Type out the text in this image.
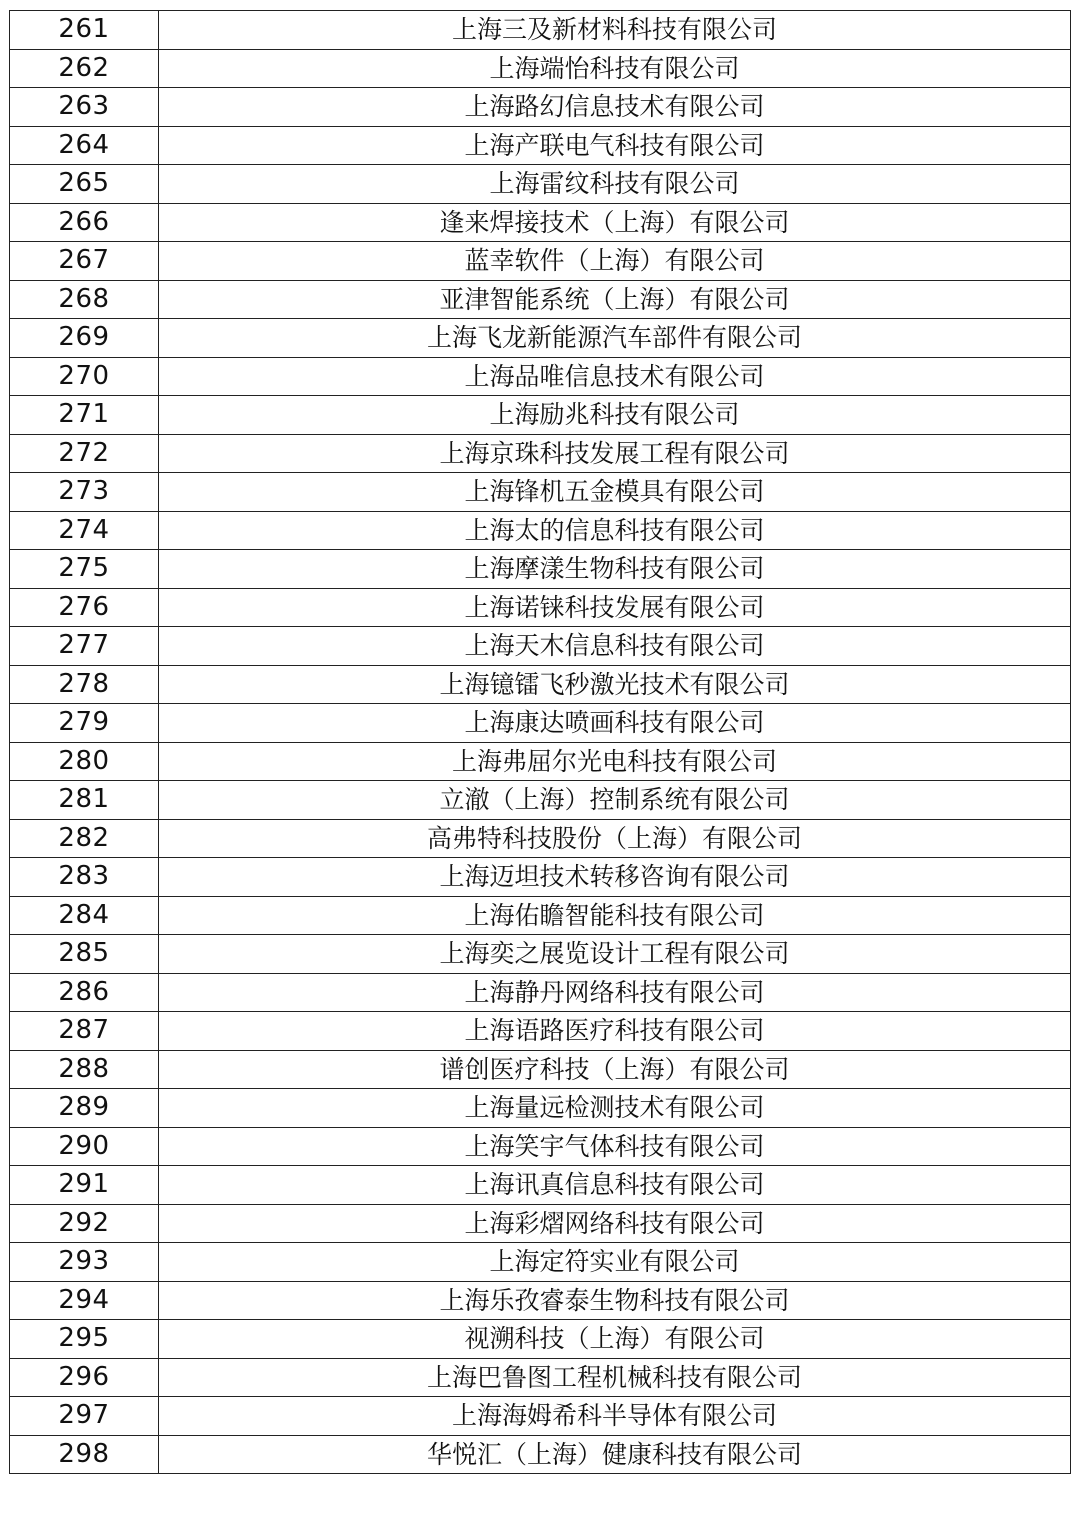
261	上海三及新材料科技有限公司
262	上海端怡科技有限公司
263	上海路幻信息技术有限公司
264	上海产联电气科技有限公司
265	上海雷纹科技有限公司
266	逢来焊接技术（上海）有限公司
267	蓝幸软件（上海）有限公司
268	亚津智能系统（上海）有限公司
269	上海飞龙新能源汽车部件有限公司
270	上海品唯信息技术有限公司
271	上海励兆科技有限公司
272	上海京珠科技发展工程有限公司
273	上海锋机五金模具有限公司
274	上海太的信息科技有限公司
275	上海摩漾生物科技有限公司
276	上海诺铼科技发展有限公司
277	上海天木信息科技有限公司
278	上海镱镭飞秒激光技术有限公司
279	上海康达喷画科技有限公司
280	上海弗屈尔光电科技有限公司
281	立澈（上海）控制系统有限公司
282	高弗特科技股份（上海）有限公司
283	上海迈坦技术转移咨询有限公司
284	上海佑瞻智能科技有限公司
285	上海奕之展览设计工程有限公司
286	上海静丹网络科技有限公司
287	上海语路医疗科技有限公司
288	谱创医疗科技（上海）有限公司
289	上海量远检测技术有限公司
290	上海笑宇气体科技有限公司
291	上海讯真信息科技有限公司
292	上海彩熠网络科技有限公司
293	上海定符实业有限公司
294	上海乐孜睿泰生物科技有限公司
295	视溯科技（上海）有限公司
296	上海巴鲁图工程机械科技有限公司
297	上海海姆希科半导体有限公司
298	华悦汇（上海）健康科技有限公司
